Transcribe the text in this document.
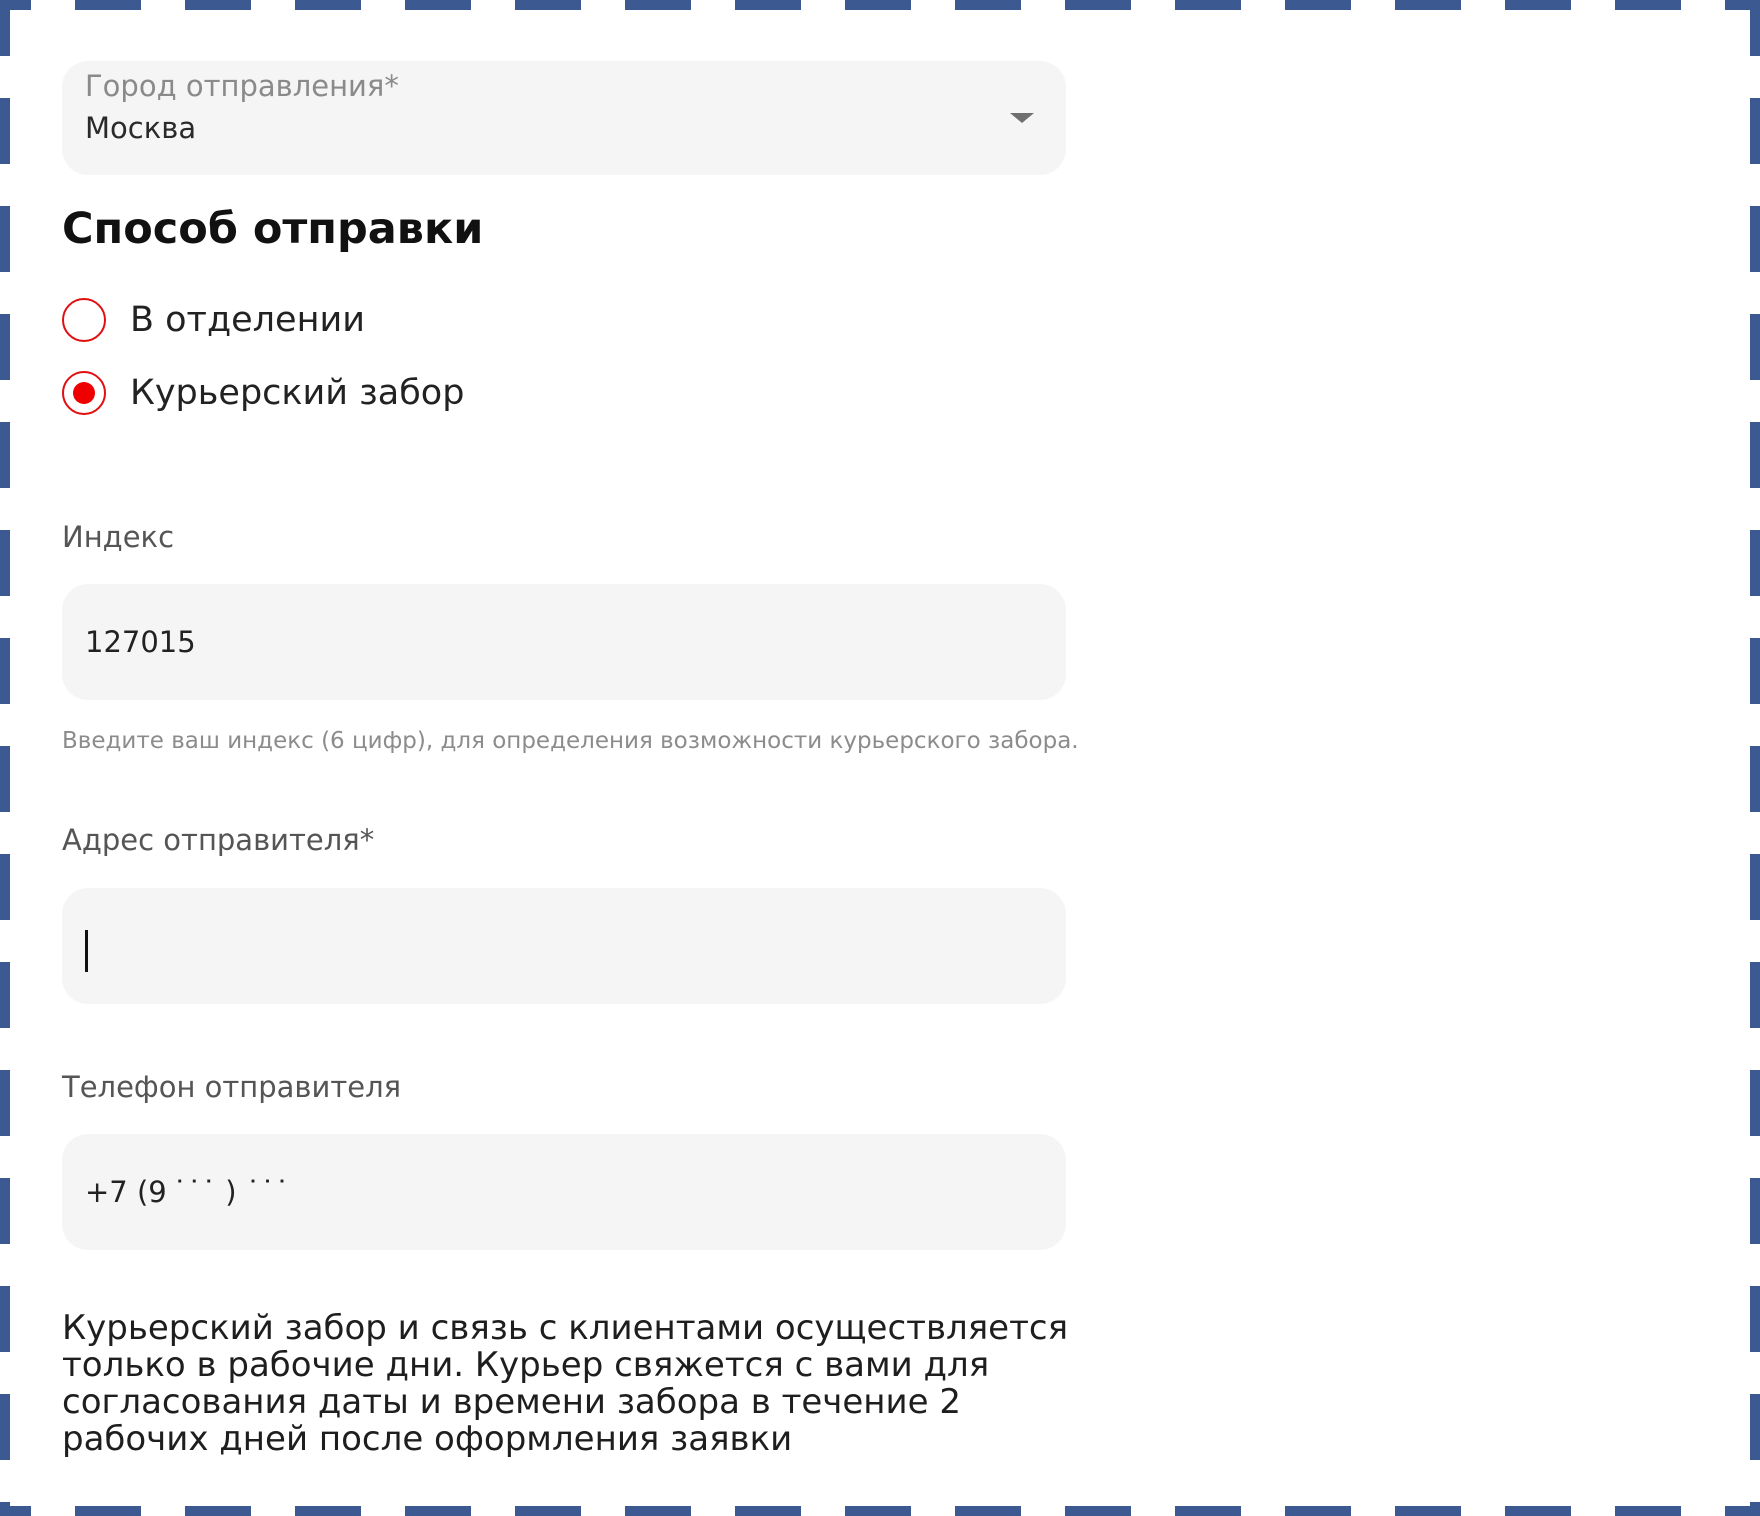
Город отправления*
Москва
Способ отправки
В отделении
Курьерский забор
Индекс
127015
Введите ваш индекс (6 цифр), для определения возможности курьерского забора.
Адрес отправителя*
Телефон отправителя
+7 (9 ˙˙˙ ) ˙˙˙
Курьерский забор и связь с клиентами осуществляется только в рабочие дни. Курьер свяжется с вами для согласования даты и времени забора в течение 2 рабочих дней после оформления заявки
